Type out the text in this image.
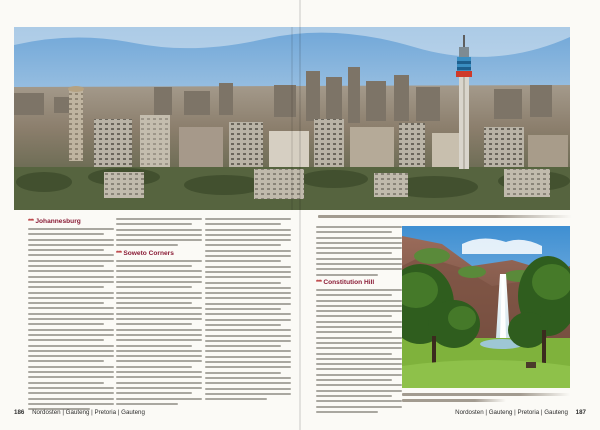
*** Johannesburg
*** Soweto Corners
*** Constitution Hill
186 Nordosten | Gauteng | Pretoria | Gauteng	Nordosten | Gauteng | Pretoria | Gauteng 187
